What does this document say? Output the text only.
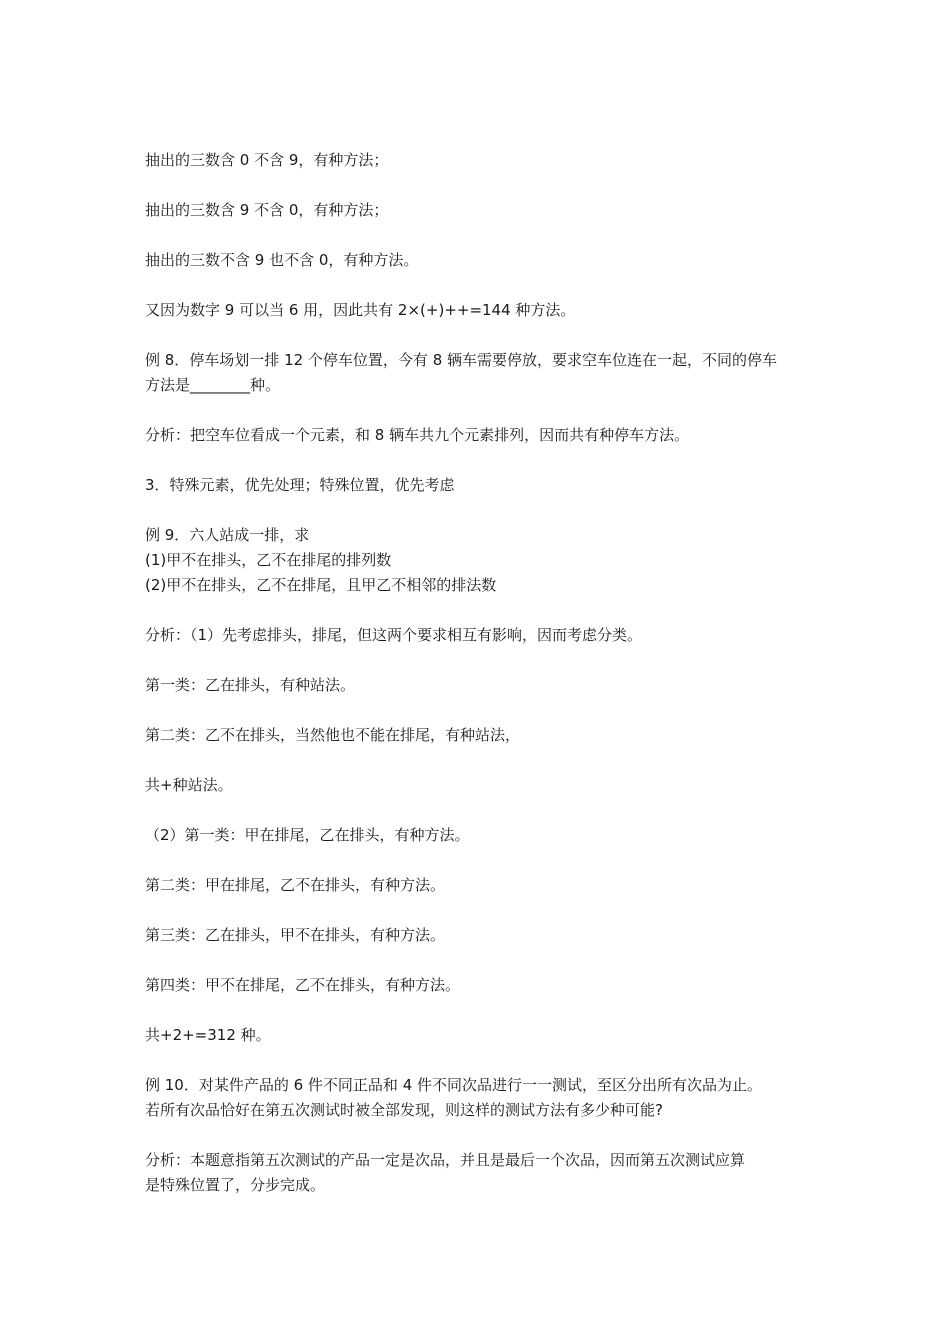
抽出的三数含 0 不含 9，有种方法；

抽出的三数含 9 不含 0，有种方法；

抽出的三数不含 9 也不含 0，有种方法。

又因为数字 9 可以当 6 用，因此共有 2×(+)++=144 种方法。

例 8．停车场划一排 12 个停车位置，今有 8 辆车需要停放，要求空车位连在一起，不同的停车
方法是________种。

分析：把空车位看成一个元素，和 8 辆车共九个元素排列，因而共有种停车方法。

3．特殊元素，优先处理；特殊位置，优先考虑

例 9．六人站成一排，求
(1)甲不在排头，乙不在排尾的排列数
(2)甲不在排头，乙不在排尾，且甲乙不相邻的排法数

分析：（1）先考虑排头，排尾，但这两个要求相互有影响，因而考虑分类。

第一类：乙在排头，有种站法。

第二类：乙不在排头，当然他也不能在排尾，有种站法，

共+种站法。

（2）第一类：甲在排尾，乙在排头，有种方法。

第二类：甲在排尾，乙不在排头，有种方法。

第三类：乙在排头，甲不在排头，有种方法。

第四类：甲不在排尾，乙不在排头，有种方法。

共+2+=312 种。

例 10．对某件产品的 6 件不同正品和 4 件不同次品进行一一测试，至区分出所有次品为止。
若所有次品恰好在第五次测试时被全部发现，则这样的测试方法有多少种可能?

分析：本题意指第五次测试的产品一定是次品，并且是最后一个次品，因而第五次测试应算
是特殊位置了，分步完成。
